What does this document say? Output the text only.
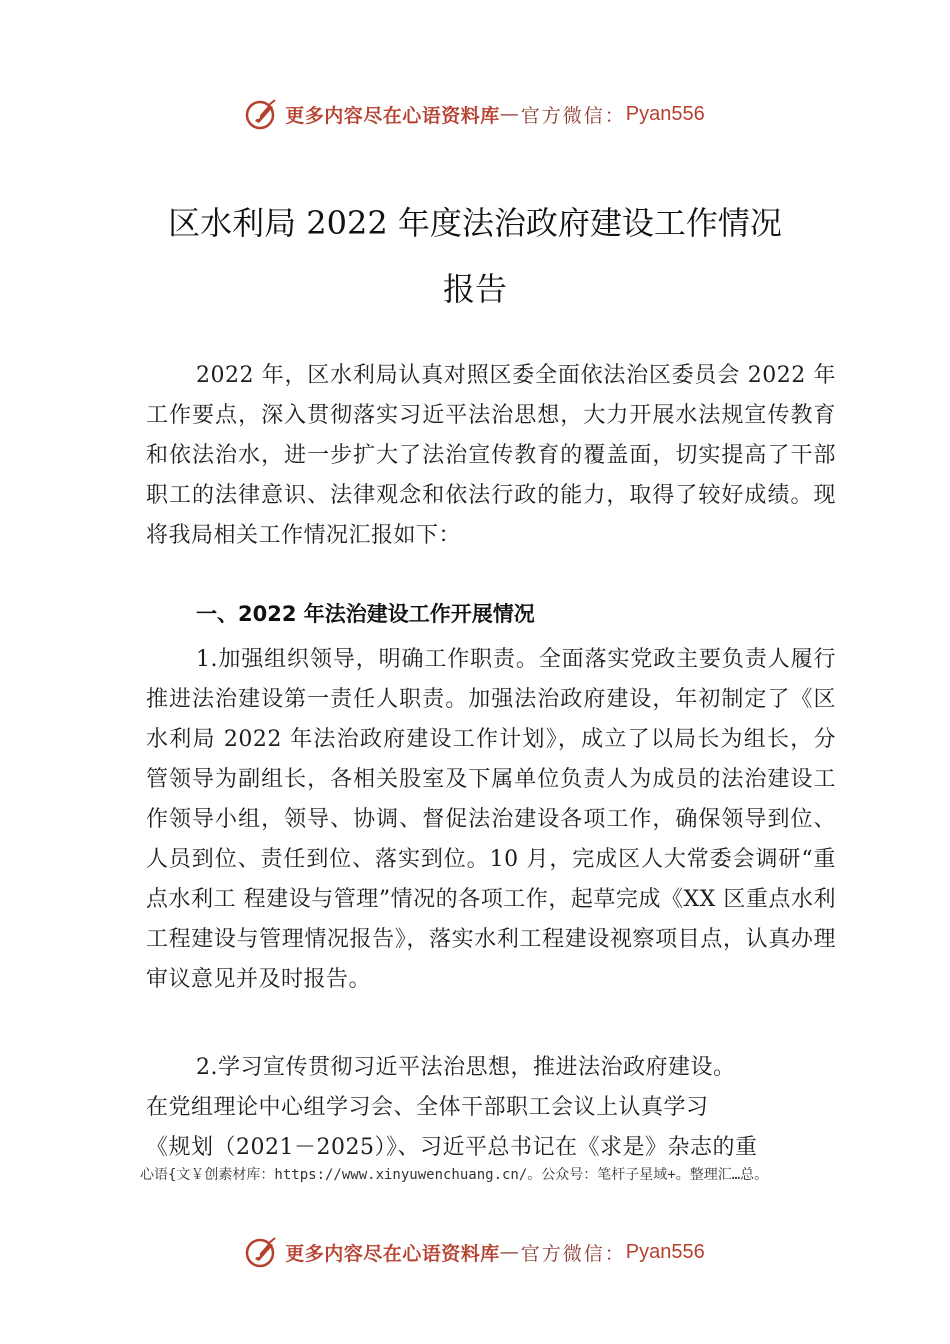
更多内容尽在心语资料库 — 官方微信： Pyan556
区水利局 2022 年度法治政府建设工作情况
报告
2022 年，区水利局认真对照区委全面依法治区委员会 2022 年工作要点，深入贯彻落实习近平法治思想，大力开展水法规宣传教育和依法治水，进一步扩大了法治宣传教育的覆盖面，切实提高了干部职工的法律意识、法律观念和依法行政的能力，取得了较好成绩。现将我局相关工作情况汇报如下：
一、2022 年法治建设工作开展情况
1.加强组织领导，明确工作职责。全面落实党政主要负责人履行推进法治建设第一责任人职责。加强法治政府建设，年初制定了《区水利局 2022 年法治政府建设工作计划》，成立了以局长为组长，分管领导为副组长，各相关股室及下属单位负责人为成员的法治建设工作领导小组，领导、协调、督促法治建设各项工作，确保领导到位、人员到位、责任到位、落实到位。10 月，完成区人大常委会调研“重点水利工 程建设与管理”情况的各项工作，起草完成《XX 区重点水利工程建设与管理情况报告》，落实水利工程建设视察项目点，认真办理审议意见并及时报告。
2.学习宣传贯彻习近平法治思想，推进法治政府建设。
在党组理论中心组学习会、全体干部职工会议上认真学习
《规划（2021－2025）》、习近平总书记在《求是》杂志的重
心语{文￥创素材库：https://www.xinyuwenchuang.cn/。公众号：笔杆子星域+。整理汇…总。
更多内容尽在心语资料库 — 官方微信： Pyan556
